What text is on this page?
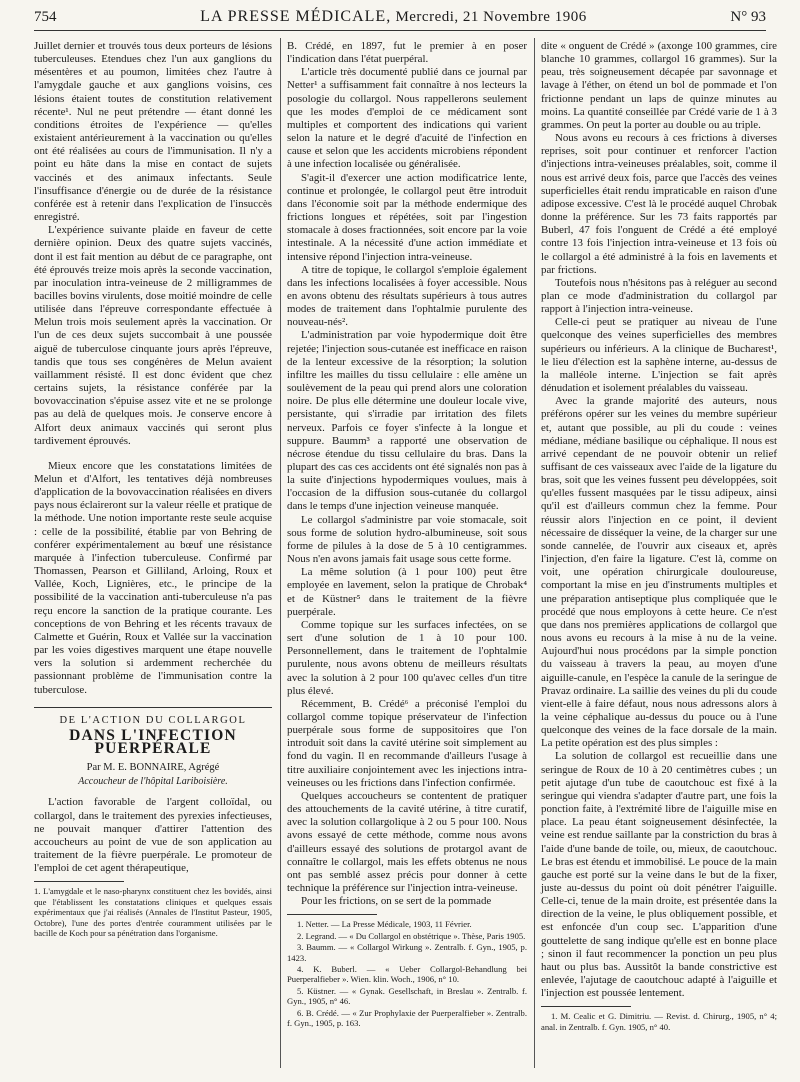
754	LA PRESSE MÉDICALE, Mercredi, 21 Novembre 1906	N° 93

Juillet dernier et trouvés tous deux porteurs de lésions tuberculeuses. Etendues chez l'un aux ganglions du mésentères et au poumon, limitées chez l'autre à l'amygdale gauche et aux ganglions voisins, ces lésions étaient toutes de constitution relativement récente¹. Nul ne peut prétendre — étant donné les conditions étroites de l'expérience — qu'elles existaient antérieurement à la vaccination ou qu'elles ont été réalisées au cours de l'immunisation. Il n'y a point eu hâte dans la mise en contact de sujets vaccinés et des animaux infectants. Seule l'insuffisance d'énergie ou de durée de la résistance conférée est à retenir dans l'explication de l'insuccès enregistré.

L'expérience suivante plaide en faveur de cette dernière opinion. Deux des quatre sujets vaccinés, dont il est fait mention au début de ce paragraphe, ont été éprouvés treize mois après la seconde vaccination, par inoculation intra-veineuse de 2 milligrammes de bacilles bovins virulents, dose moitié moindre de celle utilisée dans l'épreuve correspondante effectuée à Melun trois mois seulement après la vaccination. Or l'un de ces deux sujets succombait à une poussée aiguë de tuberculose cinquante jours après l'épreuve, tandis que tous ses congénères de Melun avaient vaillamment résisté. Il est donc évident que chez certains sujets, la résistance conférée par la bovovaccination s'épuise assez vite et ne se prolonge pas au delà de quelques mois. Je conserve encore à Alfort deux animaux vaccinés qui seront plus tardivement éprouvés.

Mieux encore que les constatations limitées de Melun et d'Alfort, les tentatives déjà nombreuses d'application de la bovovaccination réalisées en divers pays nous éclaireront sur la valeur réelle et pratique de la méthode. Une notion importante reste seule acquise : celle de la possibilité, établie par von Behring de conférer expérimentalement au bœuf une résistance marquée à l'infection tuberculeuse. Confirmé par Thomassen, Pearson et Gilliland, Arloing, Roux et Vallée, Koch, Lignières, etc., le principe de la possibilité de la vaccination anti-tuberculeuse n'a pas reçu encore la sanction de la pratique courante. Les conceptions de von Behring et les récents travaux de Calmette et Guérin, Roux et Vallée sur la vaccination par les voies digestives marquent une étape nouvelle vers la solution si ardemment recherchée du passionnant problème de l'immunisation contre la tuberculose.

DE L'ACTION DU COLLARGOL
DANS L'INFECTION PUERPÉRALE
Par M. E. BONNAIRE, Agrégé
Accoucheur de l'hôpital Lariboisière.

L'action favorable de l'argent colloïdal, ou collargol, dans le traitement des pyrexies infectieuses, ne pouvait manquer d'attirer l'attention des accoucheurs au point de vue de son application au traitement de la fièvre puerpérale. Le promoteur de l'emploi de cet agent thérapeutique,

1. L'amygdale et le naso-pharynx constituent chez les bovidés, ainsi que l'établissent les constatations cliniques et quelques essais expérimentaux que j'ai réalisés (Annales de l'Institut Pasteur, 1905, Octobre), l'une des portes d'entrée couramment utilisées par le bacille de Koch pour sa pénétration dans l'organisme.

B. Crédé, en 1897, fut le premier à en poser l'indication dans l'état puerpéral.

L'article très documenté publié dans ce journal par Netter¹ a suffisamment fait connaître à nos lecteurs la posologie du collargol. Nous rappellerons seulement que les modes d'emploi de ce médicament sont multiples et comportent des indications qui varient selon la nature et le degré d'acuité de l'infection en cause et selon que les accidents microbiens répondent à une infection localisée ou généralisée.

S'agit-il d'exercer une action modificatrice lente, continue et prolongée, le collargol peut être introduit dans l'économie soit par la méthode endermique des frictions longues et répétées, soit par l'ingestion stomacale à doses fractionnées, soit encore par la voie intestinale. A la nécessité d'une action immédiate et intensive répond l'injection intra-veineuse.

A titre de topique, le collargol s'emploie également dans les infections localisées à foyer accessible. Nous en avons obtenu des résultats supérieurs à tous autres modes de traitement dans l'ophtalmie purulente des nouveau-nés².

L'administration par voie hypodermique doit être rejetée; l'injection sous-cutanée est inefficace en raison de la lenteur excessive de la résorption; la solution infiltre les mailles du tissu cellulaire : elle amène un soulèvement de la peau qui prend alors une coloration noire. De plus elle détermine une douleur locale vive, persistante, qui s'irradie par irritation des filets nerveux. Parfois ce foyer s'infecte à la longue et suppure. Baumm³ a rapporté une observation de nécrose étendue du tissu cellulaire du bras. Dans la plupart des cas ces accidents ont été signalés non pas à la suite d'injections hypodermiques voulues, mais à l'occasion de la diffusion sous-cutanée du collargol dans le temps d'une injection veineuse manquée.

Le collargol s'administre par voie stomacale, soit sous forme de solution hydro-albumineuse, soit sous forme de pilules à la dose de 5 à 10 centigrammes. Nous n'en avons jamais fait usage sous cette forme.

La même solution (à 1 pour 100) peut être employée en lavement, selon la pratique de Chrobak⁴ et de Küstner⁵ dans le traitement de la fièvre puerpérale.

Comme topique sur les surfaces infectées, on se sert d'une solution de 1 à 10 pour 100. Personnellement, dans le traitement de l'ophtalmie purulente, nous avons obtenu de meilleurs résultats avec la solution à 2 pour 100 qu'avec celles d'un titre plus élevé.

Récemment, B. Crédé⁶ a préconisé l'emploi du collargol comme topique préservateur de l'infection puerpérale sous forme de suppositoires que l'on introduit soit dans la cavité utérine soit simplement au fond du vagin. Il en recommande d'ailleurs l'usage à titre auxiliaire conjointement avec les injections intra-veineuses ou les frictions dans l'infection confirmée.

Quelques accoucheurs se contentent de pratiquer des attouchements de la cavité utérine, à titre curatif, avec la solution collargolique à 2 ou 5 pour 100. Nous avons essayé de cette méthode, comme nous avons d'ailleurs essayé des solutions de protargol avant de connaître le collargol, mais les effets obtenus ne nous ont pas semblé assez précis pour donner à cette technique la préférence sur l'injection intra-veineuse.

Pour les frictions, on se sert de la pommade

1. Netter. — La Presse Médicale, 1903, 11 Février.
2. Legrand. — « Du Collargol en obstétrique ». Thèse, Paris 1905.
3. Baumm. — « Collargol Wirkung ». Zentralb. f. Gyn., 1905, p. 1423.
4. K. Buberl. — « Ueber Collargol-Behandlung bei Puerperalfieber ». Wien. klin. Woch., 1906, n° 10.
5. Küstner. — « Gynak. Gesellschaft, in Breslau ». Zentralb. f. Gyn., 1905, n° 46.
6. B. Crédé. — « Zur Prophylaxie der Puerperalfieber ». Zentralb. f. Gyn., 1905, p. 163.

dite « onguent de Crédé » (axonge 100 grammes, cire blanche 10 grammes, collargol 16 grammes). Sur la peau, très soigneusement décapée par savonnage et lavage à l'éther, on étend un bol de pommade et l'on frictionne pendant un laps de quinze minutes au moins. La quantité conseillée par Crédé varie de 1 à 3 grammes. On peut la porter au double ou au triple.

Nous avons eu recours à ces frictions à diverses reprises, soit pour continuer et renforcer l'action d'injections intra-veineuses préalables, soit, comme il nous est arrivé deux fois, parce que l'accès des veines superficielles était rendu impraticable en raison d'une adipose excessive. C'est là le procédé auquel Chrobak donne la préférence. Sur les 73 faits rapportés par Buberl, 47 fois l'onguent de Crédé a été employé contre 13 fois l'injection intra-veineuse et 13 fois où le collargol a été administré à la fois en lavements et par frictions.

Toutefois nous n'hésitons pas à reléguer au second plan ce mode d'administration du collargol par rapport à l'injection intra-veineuse.

Celle-ci peut se pratiquer au niveau de l'une quelconque des veines superficielles des membres supérieurs ou inférieurs. A la clinique de Bucharest¹, le lieu d'élection est la saphène interne, au-dessus de la malléole interne. L'injection se fait après dénudation et isolement préalables du vaisseau.

Avec la grande majorité des auteurs, nous préférons opérer sur les veines du membre supérieur et, autant que possible, au pli du coude : veines médiane, médiane basilique ou céphalique. Il nous est arrivé cependant de ne pouvoir obtenir un relief suffisant de ces vaisseaux avec l'aide de la ligature du bras, soit que les veines fussent peu développées, soit qu'elles fussent masquées par le tissu adipeux, ainsi qu'il est d'ailleurs commun chez la femme. Pour réussir alors l'injection en ce point, il devient nécessaire de disséquer la veine, de la charger sur une sonde cannelée, de l'ouvrir aux ciseaux et, après l'injection, d'en faire la ligature. C'est là, comme on voit, une opération chirurgicale douloureuse, comportant la mise en jeu d'instruments multiples et une préparation antiseptique plus compliquée que le procédé que nous employons à cette heure. Ce n'est que dans nos premières applications de collargol que nous avons eu recours à la mise à nu de la veine. Aujourd'hui nous procédons par la simple ponction du vaisseau à travers la peau, au moyen d'une aiguille-canule, en l'espèce la canule de la seringue de Pravaz ordinaire. La saillie des veines du pli du coude vient-elle à faire défaut, nous nous adressons alors à la veine céphalique au-dessus du pouce ou à l'une quelconque des veines de la face dorsale de la main. La petite opération est des plus simples :

La solution de collargol est recueillie dans une seringue de Roux de 10 à 20 centimètres cubes ; un petit ajutage d'un tube de caoutchouc est fixé à la seringue qui viendra s'adapter d'autre part, une fois la ponction faite, à l'extrémité libre de l'aiguille mise en place. La peau étant soigneusement désinfectée, la veine est rendue saillante par la constriction du bras à l'aide d'une bande de toile, ou, mieux, de caoutchouc. Le bras est étendu et immobilisé. Le pouce de la main gauche est porté sur la veine dans le but de la fixer, juste au-dessus du point où doit pénétrer l'aiguille. Celle-ci, tenue de la main droite, est présentée dans la direction de la veine, le plus obliquement possible, et est enfoncée d'un coup sec. L'apparition d'une gouttelette de sang indique qu'elle est en bonne place ; sinon il faut recommencer la ponction un peu plus haut ou plus bas. Aussitôt la bande constrictive est enlevée, l'ajutage de caoutchouc adapté à l'aiguille et l'injection est poussée lentement.

1. M. Cealic et G. Dimitriu. — Revist. d. Chirurg., 1905, n° 4; anal. in Zentralb. f. Gyn. 1905, n° 40.
